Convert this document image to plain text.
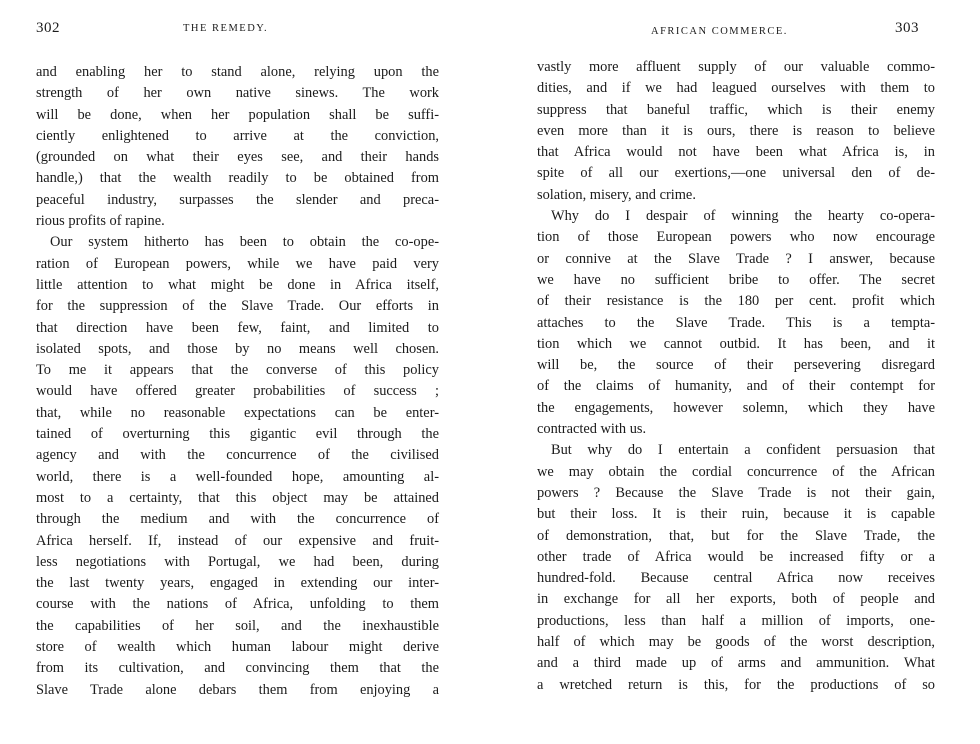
302	THE REMEDY.
and enabling her to stand alone, relying upon the
strength of her own native sinews. The work
will be done, when her population shall be suffi-
ciently enlightened to arrive at the conviction,
(grounded on what their eyes see, and their hands
handle,) that the wealth readily to be obtained from
peaceful industry, surpasses the slender and preca-
rious profits of rapine.
Our system hitherto has been to obtain the co-ope-
ration of European powers, while we have paid very
little attention to what might be done in Africa itself,
for the suppression of the Slave Trade. Our efforts in
that direction have been few, faint, and limited to
isolated spots, and those by no means well chosen.
To me it appears that the converse of this policy
would have offered greater probabilities of success ;
that, while no reasonable expectations can be enter-
tained of overturning this gigantic evil through the
agency and with the concurrence of the civilised
world, there is a well-founded hope, amounting al-
most to a certainty, that this object may be attained
through the medium and with the concurrence of
Africa herself. If, instead of our expensive and fruit-
less negotiations with Portugal, we had been, during
the last twenty years, engaged in extending our inter-
course with the nations of Africa, unfolding to them
the capabilities of her soil, and the inexhaustible
store of wealth which human labour might derive
from its cultivation, and convincing them that the
Slave Trade alone debars them from enjoying a
AFRICAN COMMERCE.	303
vastly more affluent supply of our valuable commo-
dities, and if we had leagued ourselves with them to
suppress that baneful traffic, which is their enemy
even more than it is ours, there is reason to believe
that Africa would not have been what Africa is, in
spite of all our exertions,—one universal den of de-
solation, misery, and crime.
Why do I despair of winning the hearty co-opera-
tion of those European powers who now encourage
or connive at the Slave Trade ? I answer, because
we have no sufficient bribe to offer. The secret
of their resistance is the 180 per cent. profit which
attaches to the Slave Trade. This is a tempta-
tion which we cannot outbid. It has been, and it
will be, the source of their persevering disregard
of the claims of humanity, and of their contempt for
the engagements, however solemn, which they have
contracted with us.
But why do I entertain a confident persuasion that
we may obtain the cordial concurrence of the African
powers ? Because the Slave Trade is not their gain,
but their loss. It is their ruin, because it is capable
of demonstration, that, but for the Slave Trade, the
other trade of Africa would be increased fifty or a
hundred-fold. Because central Africa now receives
in exchange for all her exports, both of people and
productions, less than half a million of imports, one-
half of which may be goods of the worst description,
and a third made up of arms and ammunition. What
a wretched return is this, for the productions of so
